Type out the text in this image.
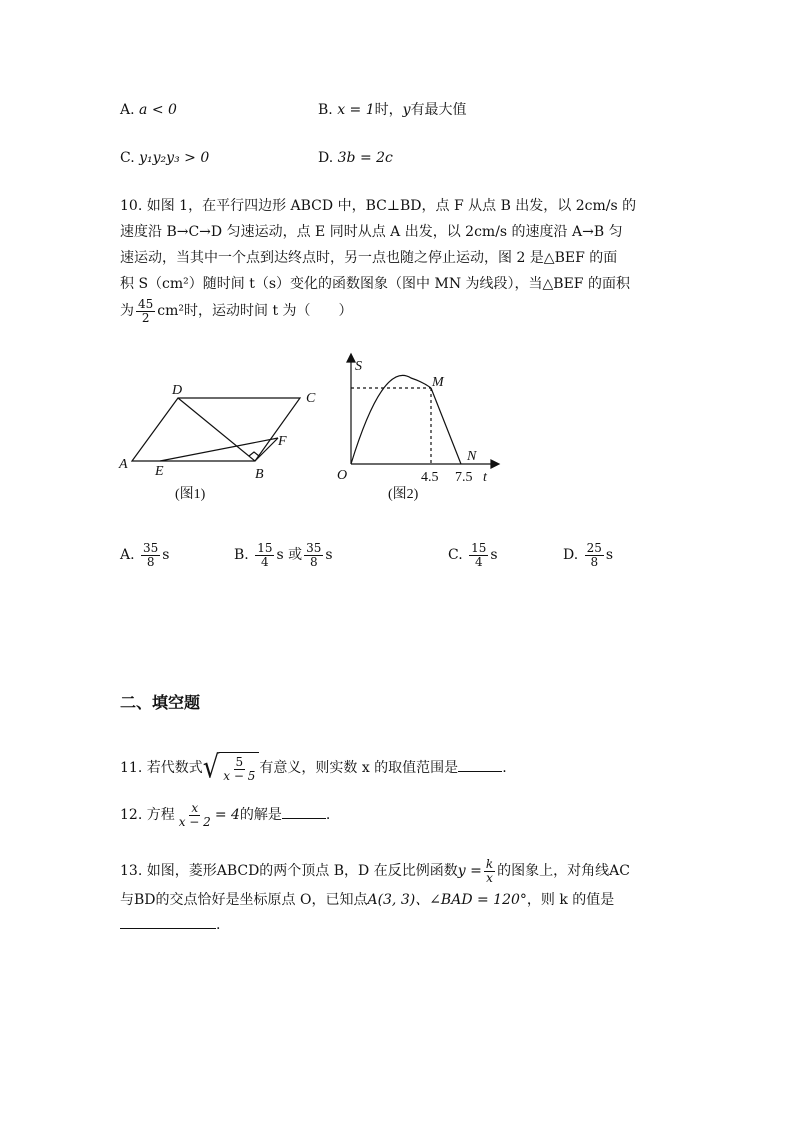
A. a < 0	B. x = 1时，y有最大值
C. y₁y₂y₃ > 0	D. 3b = 2c
10. 如图 1，在平行四边形 ABCD 中，BC⊥BD，点 F 从点 B 出发，以 2cm/s 的
速度沿 B→C→D 匀速运动，点 E 同时从点 A 出发，以 2cm/s 的速度沿 A→B 匀
速运动，当其中一个点到达终点时，另一点也随之停止运动，图 2 是△BEF 的面
积 S（cm²）随时间 t（s）变化的函数图象（图中 MN 为线段），当△BEF 的面积
为 $\frac{45}{2} cm^2$时，运动时间 t 为（　　）
A
D
C
B
E
F
(图1)
S
M
N
O	t
4.5 7.5
(图2)
A. $\frac{35}{8}$ s	B. $\frac{15}{4}$ s 或 $\frac{35}{8}$ s	C. $\frac{15}{4}$ s	D. $\frac{25}{8}$ s
二、填空题
11. 若代数式 √ $\frac{5}{x - 5}$ 有意义，则实数 x 的取值范围是	.
12. 方程 $\frac{x}{x - 2} = 4$的解是	.
13. 如图，菱形ABCD的两个顶点 B，D 在反比例函数$y = \frac{k}{x}$ 的图象上，对角线AC
与BD的交点恰好是坐标原点 O，已知点A(3, 3)、∠BAD = 120°，则 k 的值是
.
